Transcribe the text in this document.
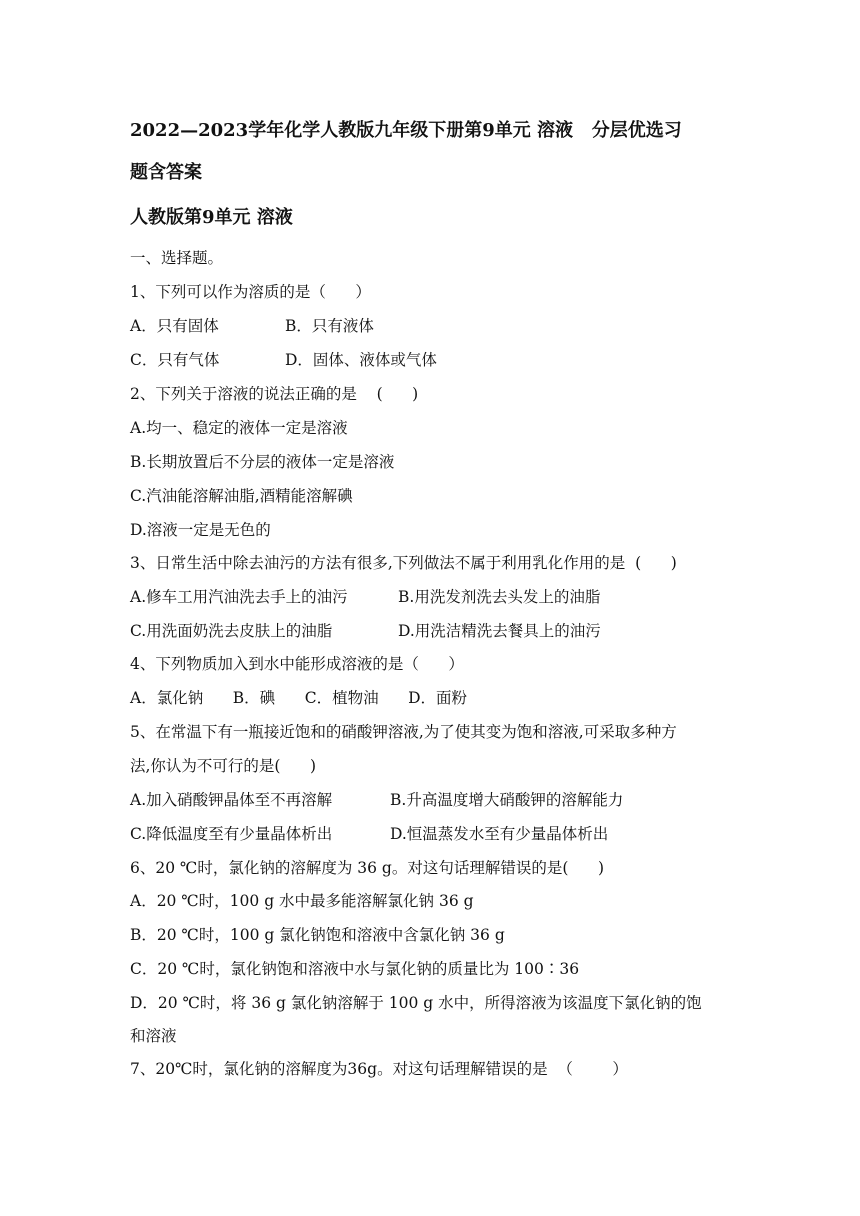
2022—2023学年化学人教版九年级下册第9单元 溶液   分层优选习
题含答案
人教版第9单元 溶液
一、选择题。
1、下列可以作为溶质的是（      ）
A．只有固体	B．只有液体
C．只有气体	D．固体、液体或气体
2、下列关于溶液的说法正确的是    (      )
A.均一、稳定的液体一定是溶液
B.长期放置后不分层的液体一定是溶液
C.汽油能溶解油脂,酒精能溶解碘
D.溶液一定是无色的
3、日常生活中除去油污的方法有很多,下列做法不属于利用乳化作用的是  (      )
A.修车工用汽油洗去手上的油污	B.用洗发剂洗去头发上的油脂
C.用洗面奶洗去皮肤上的油脂	D.用洗洁精洗去餐具上的油污
4、下列物质加入到水中能形成溶液的是（      ）
A．氯化钠      B．碘      C．植物油      D．面粉
5、在常温下有一瓶接近饱和的硝酸钾溶液,为了使其变为饱和溶液,可采取多种方
法,你认为不可行的是(      )
A.加入硝酸钾晶体至不再溶解	B.升高温度增大硝酸钾的溶解能力
C.降低温度至有少量晶体析出	D.恒温蒸发水至有少量晶体析出
6、20 ℃时，氯化钠的溶解度为 36 g。对这句话理解错误的是(      )
A．20 ℃时，100 g 水中最多能溶解氯化钠 36 g
B．20 ℃时，100 g 氯化钠饱和溶液中含氯化钠 36 g
C．20 ℃时，氯化钠饱和溶液中水与氯化钠的质量比为 100∶36
D．20 ℃时，将 36 g 氯化钠溶解于 100 g 水中，所得溶液为该温度下氯化钠的饱
和溶液
7、20℃时，氯化钠的溶解度为36g。对这句话理解错误的是  （        ）
